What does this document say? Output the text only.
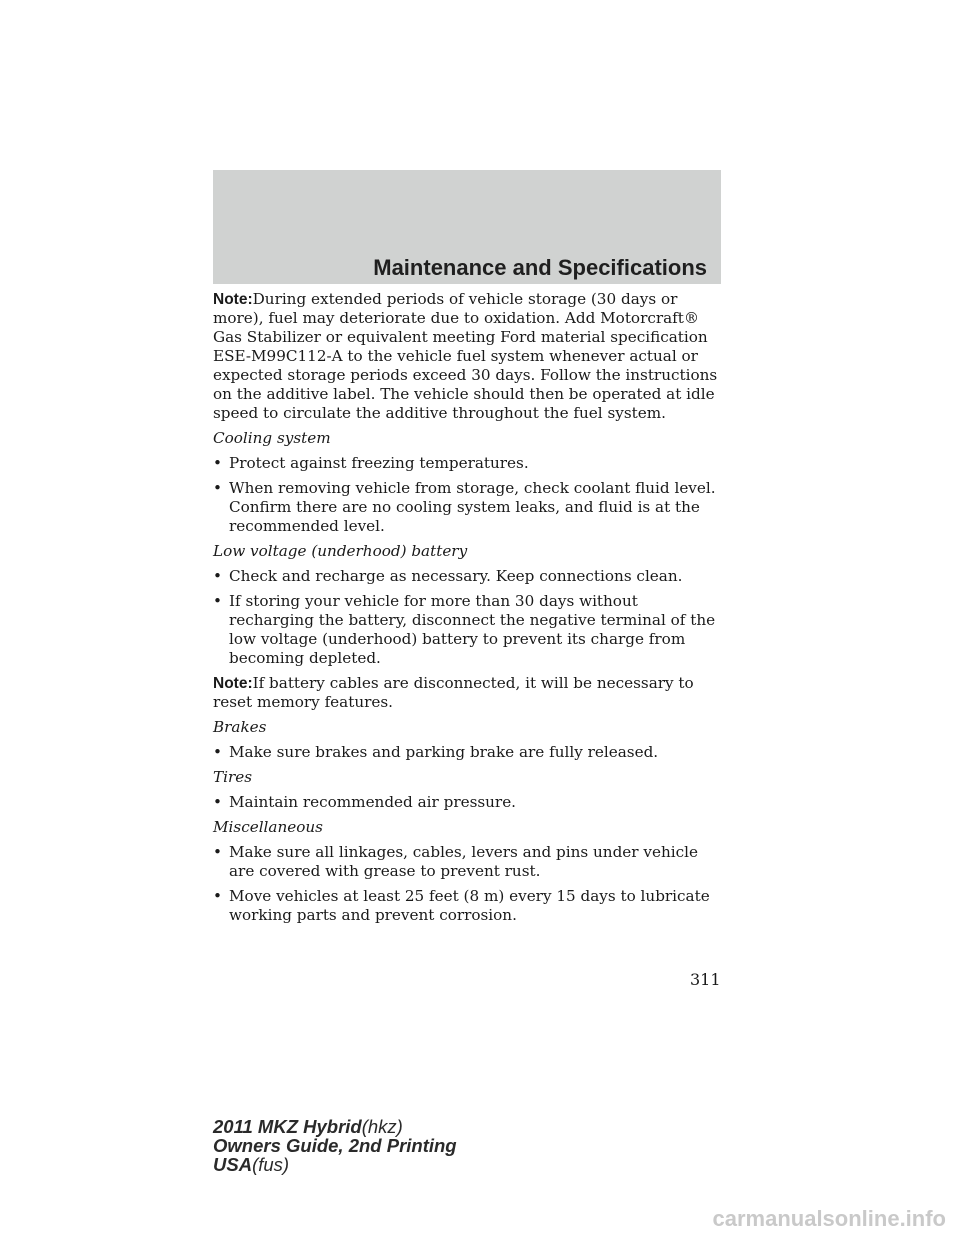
Maintenance and Specifications

Note:During extended periods of vehicle storage (30 days or more), fuel may deteriorate due to oxidation. Add Motorcraft® Gas Stabilizer or equivalent meeting Ford material specification ESE-M99C112-A to the vehicle fuel system whenever actual or expected storage periods exceed 30 days. Follow the instructions on the additive label. The vehicle should then be operated at idle speed to circulate the additive throughout the fuel system.

Cooling system

• Protect against freezing temperatures.
• When removing vehicle from storage, check coolant fluid level. Confirm there are no cooling system leaks, and fluid is at the recommended level.

Low voltage (underhood) battery

• Check and recharge as necessary. Keep connections clean.
• If storing your vehicle for more than 30 days without recharging the battery, disconnect the negative terminal of the low voltage (underhood) battery to prevent its charge from becoming depleted.

Note:If battery cables are disconnected, it will be necessary to reset memory features.

Brakes

• Make sure brakes and parking brake are fully released.

Tires

• Maintain recommended air pressure.

Miscellaneous

• Make sure all linkages, cables, levers and pins under vehicle are covered with grease to prevent rust.
• Move vehicles at least 25 feet (8 m) every 15 days to lubricate working parts and prevent corrosion.
311
2011 MKZ Hybrid(hkz)
Owners Guide, 2nd Printing
USA(fus)
carmanualsonline.info
